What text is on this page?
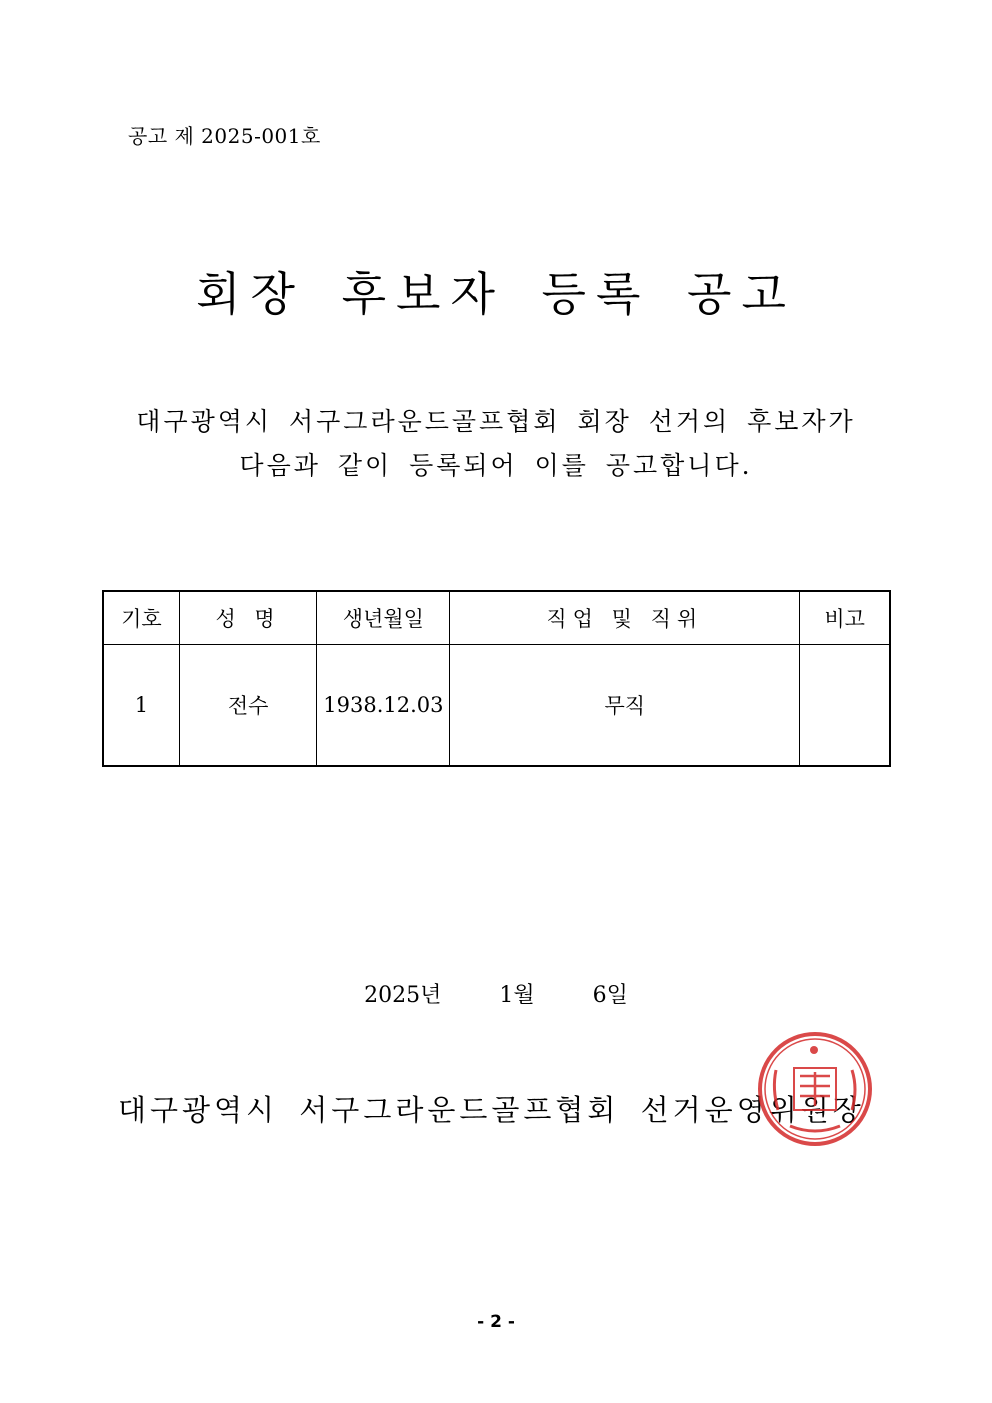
공고 제 2025-001호
회장 후보자 등록 공고
대구광역시 서구그라운드골프협회 회장 선거의 후보자가
다음과 같이 등록되어 이를 공고합니다.
기호	성 명	생년월일	직업 및 직위	비고
1	전수	1938.12.03	무직	
2025년  1월  6일
대구광역시 서구그라운드골프협회 선거운영위원장
- 2 -
